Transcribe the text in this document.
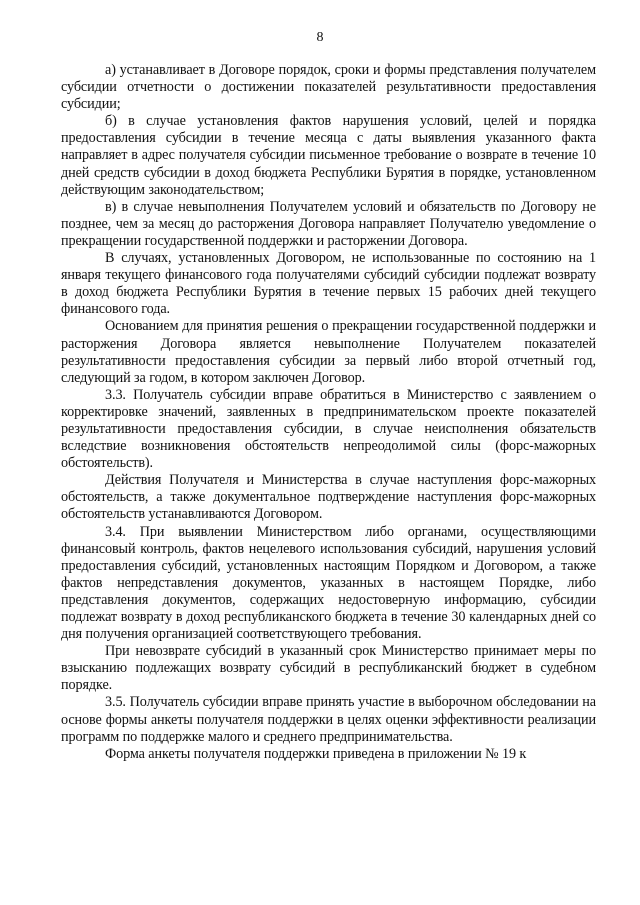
8

а) устанавливает в Договоре порядок, сроки и формы представления получателем субсидии отчетности о достижении показателей результативности предоставления субсидии;

б) в случае установления фактов нарушения условий, целей и порядка предоставления субсидии в течение месяца с даты выявления указанного факта направляет в адрес получателя субсидии письменное требование о возврате в течение 10 дней средств субсидии в доход бюджета Республики Бурятия в порядке, установленном действующим законодательством;

в) в случае невыполнения Получателем условий и обязательств по Договору не позднее, чем за месяц до расторжения Договора направляет Получателю уведомление о прекращении государственной поддержки и расторжении Договора.

В случаях, установленных Договором, не использованные по состоянию на 1 января текущего финансового года получателями субсидий субсидии подлежат возврату в доход бюджета Республики Бурятия в течение первых 15 рабочих дней текущего финансового года.

Основанием для принятия решения о прекращении государственной поддержки и расторжения Договора является невыполнение Получателем показателей результативности предоставления субсидии за первый либо второй отчетный год, следующий за годом, в котором заключен Договор.

3.3. Получатель субсидии вправе обратиться в Министерство с заявлением о корректировке значений, заявленных в предпринимательском проекте показателей результативности предоставления субсидии, в случае неисполнения обязательств вследствие возникновения обстоятельств непреодолимой силы (форс-мажорных обстоятельств).

Действия Получателя и Министерства в случае наступления форс-мажорных обстоятельств, а также документальное подтверждение наступления форс-мажорных обстоятельств устанавливаются Договором.

3.4. При выявлении Министерством либо органами, осуществляющими финансовый контроль, фактов нецелевого использования субсидий, нарушения условий предоставления субсидий, установленных настоящим Порядком и Договором, а также фактов непредставления документов, указанных в настоящем Порядке, либо представления документов, содержащих недостоверную информацию, субсидии подлежат возврату в доход республиканского бюджета в течение 30 календарных дней со дня получения организацией соответствующего требования.

При невозврате субсидий в указанный срок Министерство принимает меры по взысканию подлежащих возврату субсидий в республиканский бюджет в судебном порядке.

3.5. Получатель субсидии вправе принять участие в выборочном обследовании на основе формы анкеты получателя поддержки в целях оценки эффективности реализации программ по поддержке малого и среднего предпринимательства.

Форма анкеты получателя поддержки приведена в приложении № 19 к
